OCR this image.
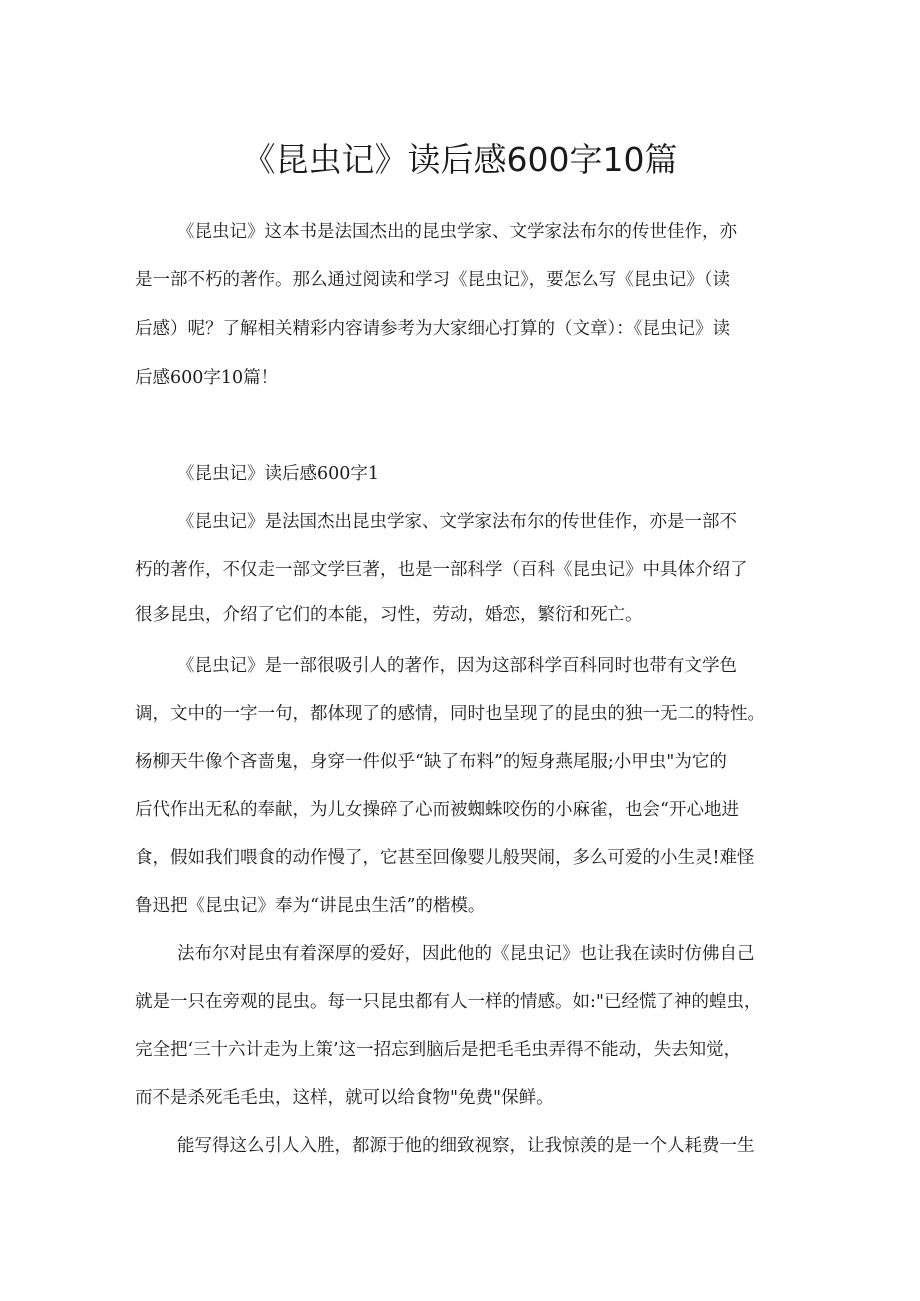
《昆虫记》读后感600字10篇
《昆虫记》这本书是法国杰出的昆虫学家、文学家法布尔的传世佳作，亦
是一部不朽的著作。那么通过阅读和学习《昆虫记》，要怎么写《昆虫记》（读
后感）呢？了解相关精彩内容请参考为大家细心打算的（文章）：《昆虫记》读
后感600字10篇！
《昆虫记》读后感600字1
《昆虫记》是法国杰出昆虫学家、文学家法布尔的传世佳作，亦是一部不
朽的著作，不仅走一部文学巨著，也是一部科学（百科《昆虫记》中具体介绍了
很多昆虫，介绍了它们的本能，习性，劳动，婚恋，繁衍和死亡。
《昆虫记》是一部很吸引人的著作，因为这部科学百科同时也带有文学色
调，文中的一字一句，都体现了的感情，同时也呈现了的昆虫的独一无二的特性。
杨柳天牛像个吝啬鬼，身穿一件似乎“缺了布料”的短身燕尾服;小甲虫"为它的
后代作出无私的奉献，为儿女操碎了心而被蜘蛛咬伤的小麻雀，也会“开心地进
食，假如我们喂食的动作慢了，它甚至回像婴儿般哭闹，多么可爱的小生灵!难怪
鲁迅把《昆虫记》奉为“讲昆虫生活”的楷模。
法布尔对昆虫有着深厚的爱好，因此他的《昆虫记》也让我在读时仿佛自己
就是一只在旁观的昆虫。每一只昆虫都有人一样的情感。如:"已经慌了神的蝗虫，
完全把‘三十六计走为上策’这一招忘到脑后是把毛毛虫弄得不能动，失去知觉，
而不是杀死毛毛虫，这样，就可以给食物"免费"保鲜。
能写得这么引人入胜，都源于他的细致视察，让我惊羡的是一个人耗费一生
